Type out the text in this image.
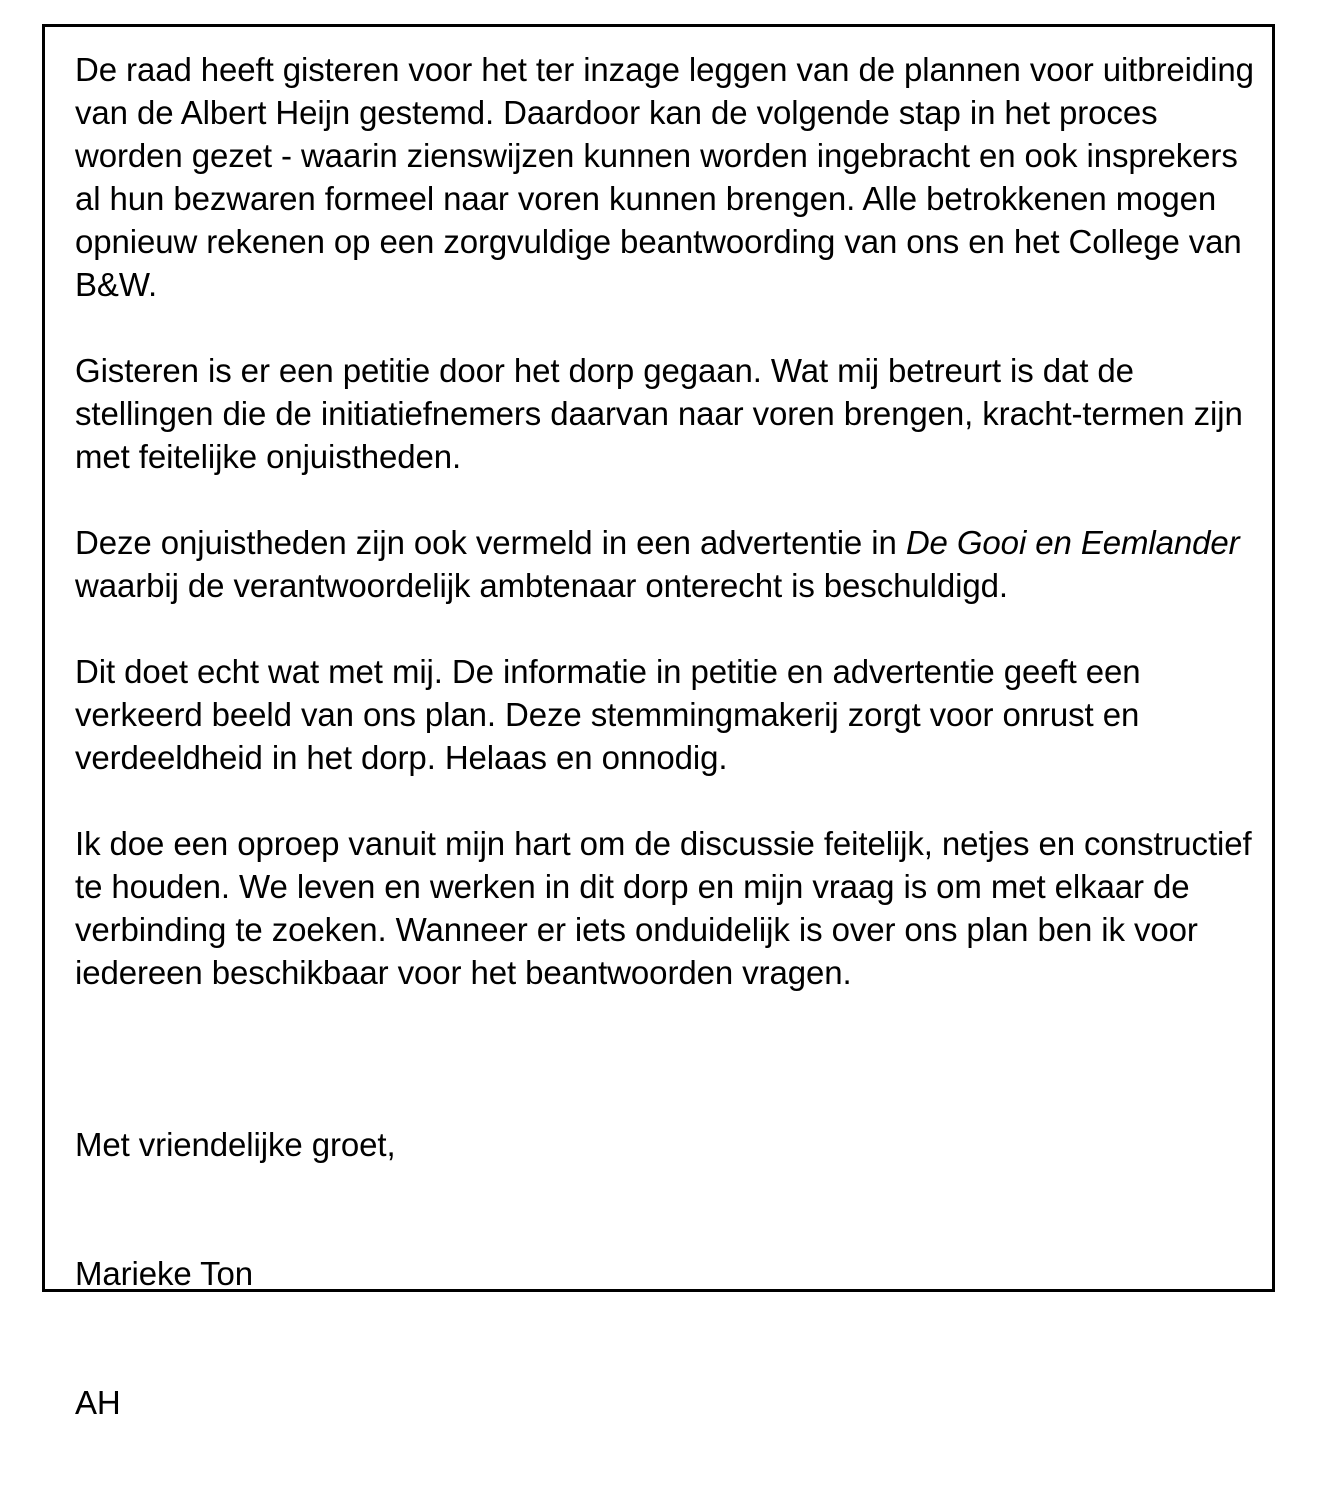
De raad heeft gisteren voor het ter inzage leggen van de plannen voor uitbreiding van de Albert Heijn gestemd. Daardoor kan de volgende stap in het proces worden gezet - waarin zienswijzen kunnen worden ingebracht en ook insprekers al hun bezwaren formeel naar voren kunnen brengen. Alle betrokkenen mogen opnieuw rekenen op een zorgvuldige beantwoording van ons en het College van B&W.

Gisteren is er een petitie door het dorp gegaan. Wat mij betreurt is dat de stellingen die de initiatiefnemers daarvan naar voren brengen, kracht-termen zijn met feitelijke onjuistheden.

Deze onjuistheden zijn ook vermeld in een advertentie in De Gooi en Eemlander waarbij de verantwoordelijk ambtenaar onterecht is beschuldigd.

Dit doet echt wat met mij. De informatie in petitie en advertentie geeft een verkeerd beeld van ons plan. Deze stemmingmakerij zorgt voor onrust en verdeeldheid in het dorp. Helaas en onnodig.

Ik doe een oproep vanuit mijn hart om de discussie feitelijk, netjes en constructief te houden. We leven en werken in dit dorp en mijn vraag is om met elkaar de verbinding te zoeken. Wanneer er iets onduidelijk is over ons plan ben ik voor iedereen beschikbaar voor het beantwoorden vragen.

Met vriendelijke groet,

Marieke Ton

AH
